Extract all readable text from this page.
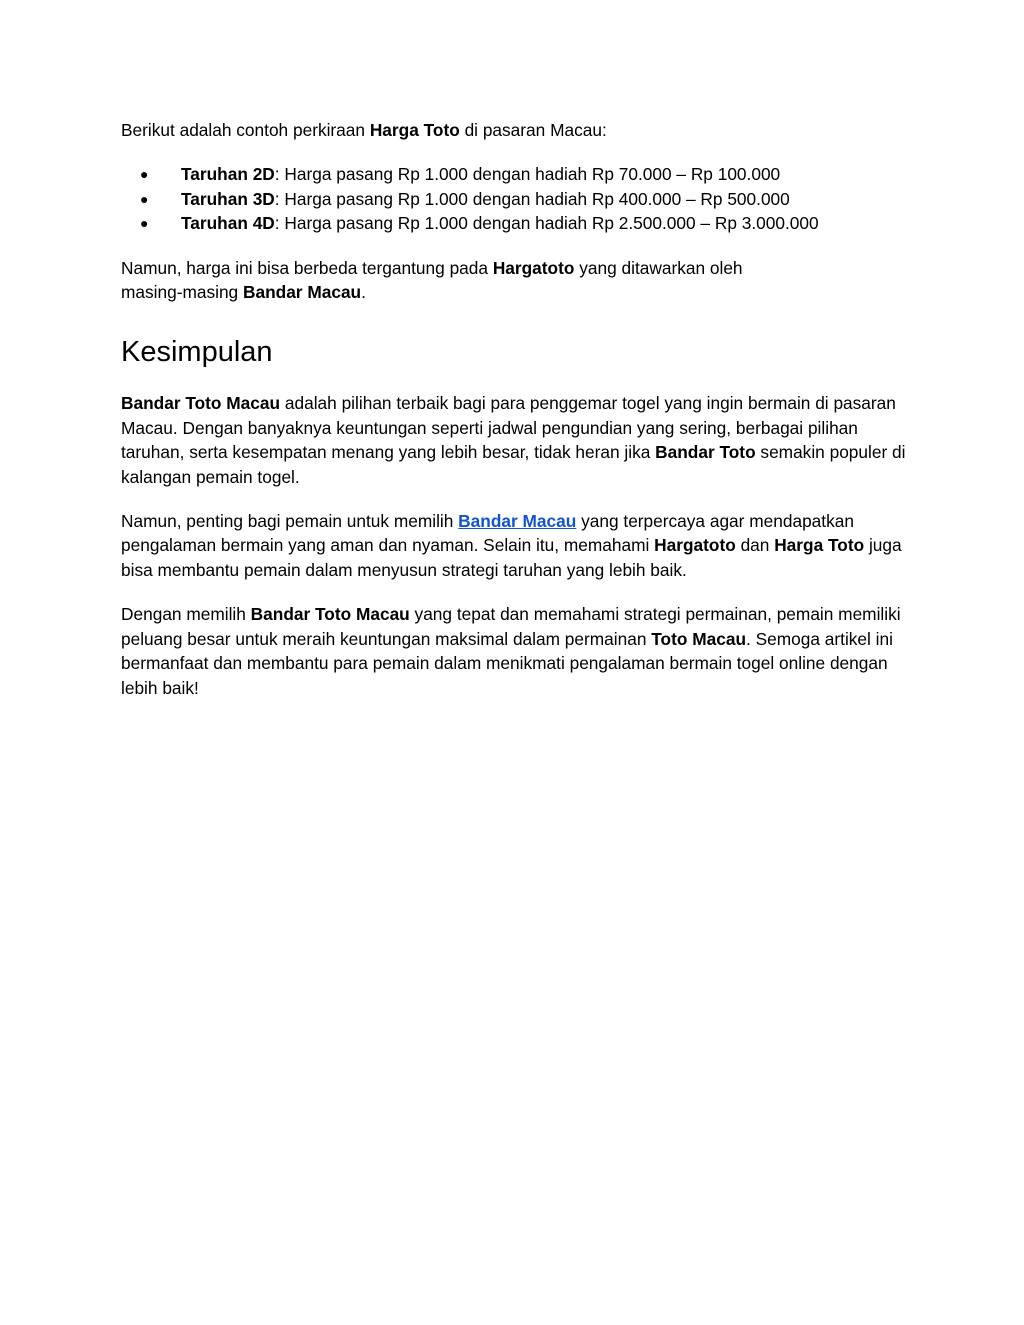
Berikut adalah contoh perkiraan Harga Toto di pasaran Macau:

● Taruhan 2D: Harga pasang Rp 1.000 dengan hadiah Rp 70.000 – Rp 100.000
● Taruhan 3D: Harga pasang Rp 1.000 dengan hadiah Rp 400.000 – Rp 500.000
● Taruhan 4D: Harga pasang Rp 1.000 dengan hadiah Rp 2.500.000 – Rp 3.000.000

Namun, harga ini bisa berbeda tergantung pada Hargatoto yang ditawarkan oleh
masing-masing Bandar Macau.

Kesimpulan

Bandar Toto Macau adalah pilihan terbaik bagi para penggemar togel yang ingin bermain di pasaran Macau. Dengan banyaknya keuntungan seperti jadwal pengundian yang sering, berbagai pilihan taruhan, serta kesempatan menang yang lebih besar, tidak heran jika Bandar Toto semakin populer di kalangan pemain togel.

Namun, penting bagi pemain untuk memilih Bandar Macau yang terpercaya agar mendapatkan pengalaman bermain yang aman dan nyaman. Selain itu, memahami Hargatoto dan Harga Toto juga bisa membantu pemain dalam menyusun strategi taruhan yang lebih baik.

Dengan memilih Bandar Toto Macau yang tepat dan memahami strategi permainan, pemain memiliki peluang besar untuk meraih keuntungan maksimal dalam permainan Toto Macau. Semoga artikel ini bermanfaat dan membantu para pemain dalam menikmati pengalaman bermain togel online dengan lebih baik!
